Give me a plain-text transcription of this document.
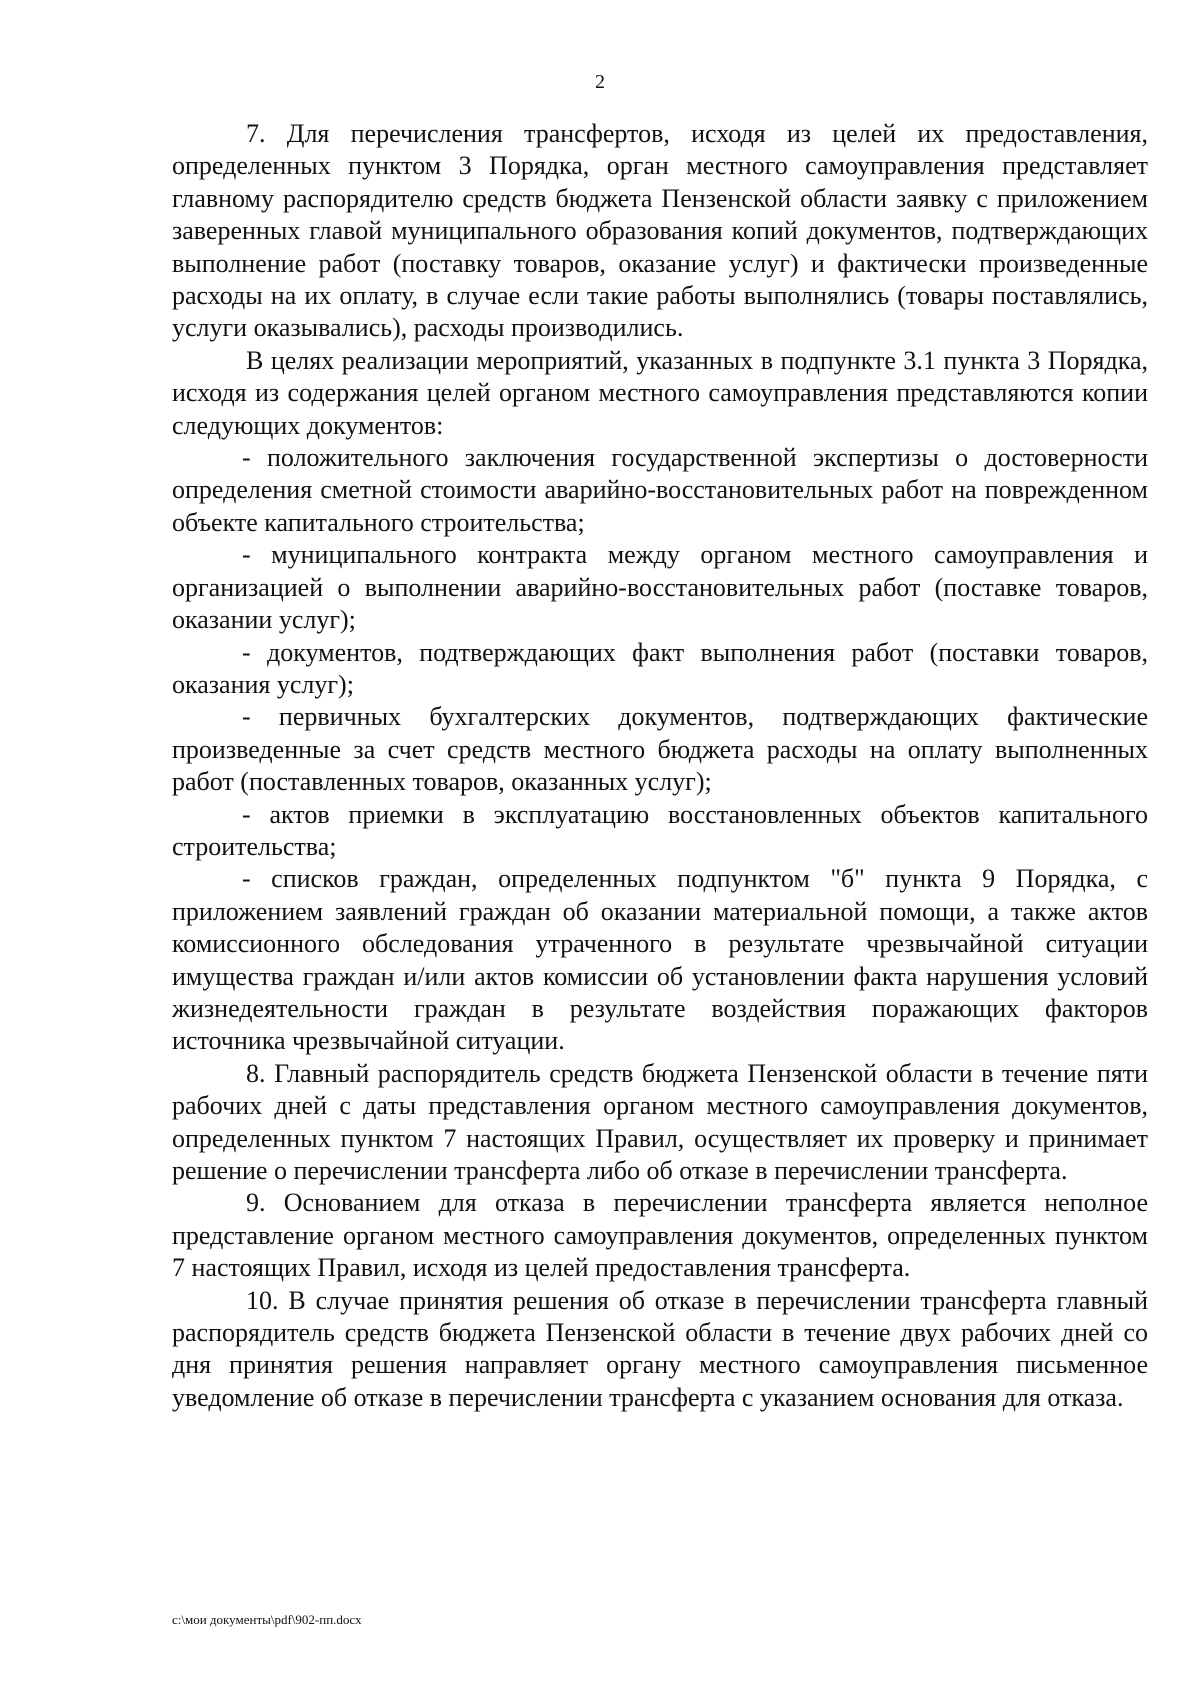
2

7. Для перечисления трансфертов, исходя из целей их предоставления, определенных пунктом 3 Порядка, орган местного самоуправления представляет главному распорядителю средств бюджета Пензенской области заявку с приложением заверенных главой муниципального образования копий документов, подтверждающих выполнение работ (поставку товаров, оказание услуг) и фактически произведенные расходы на их оплату, в случае если такие работы выполнялись (товары поставлялись, услуги оказывались), расходы производились.

В целях реализации мероприятий, указанных в подпункте 3.1 пункта 3 Порядка, исходя из содержания целей органом местного самоуправления представляются копии следующих документов:

- положительного заключения государственной экспертизы о достоверности определения сметной стоимости аварийно-восстановительных работ на поврежденном объекте капитального строительства;

- муниципального контракта между органом местного самоуправления и организацией о выполнении аварийно-восстановительных работ (поставке товаров, оказании услуг);

- документов, подтверждающих факт выполнения работ (поставки товаров, оказания услуг);

- первичных бухгалтерских документов, подтверждающих фактические произведенные за счет средств местного бюджета расходы на оплату выполненных работ (поставленных товаров, оказанных услуг);

- актов приемки в эксплуатацию восстановленных объектов капитального строительства;

- списков граждан, определенных подпунктом "б" пункта 9 Порядка, с приложением заявлений граждан об оказании материальной помощи, а также актов комиссионного обследования утраченного в результате чрезвычайной ситуации имущества граждан и/или актов комиссии об установлении факта нарушения условий жизнедеятельности граждан в результате воздействия поражающих факторов источника чрезвычайной ситуации.

8. Главный распорядитель средств бюджета Пензенской области в течение пяти рабочих дней с даты представления органом местного самоуправления документов, определенных пунктом 7 настоящих Правил, осуществляет их проверку и принимает решение о перечислении трансферта либо об отказе в перечислении трансферта.

9. Основанием для отказа в перечислении трансферта является неполное представление органом местного самоуправления документов, определенных пунктом 7 настоящих Правил, исходя из целей предоставления трансферта.

10. В случае принятия решения об отказе в перечислении трансферта главный распорядитель средств бюджета Пензенской области в течение двух рабочих дней со дня принятия решения направляет органу местного самоуправления письменное уведомление об отказе в перечислении трансферта с указанием основания для отказа.

c:\мои документы\pdf\902-пп.docx
